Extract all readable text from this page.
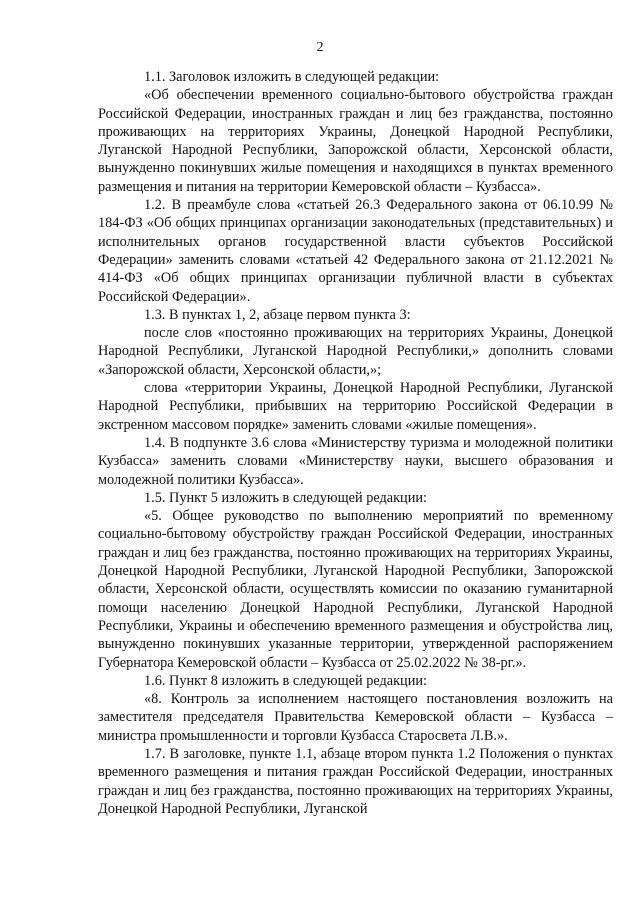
2

1.1. Заголовок изложить в следующей редакции:

«Об обеспечении временного социально-бытового обустройства граждан Российской Федерации, иностранных граждан и лиц без гражданства, постоянно проживающих на территориях Украины, Донецкой Народной Республики, Луганской Народной Республики, Запорожской области, Херсонской области, вынужденно покинувших жилые помещения и находящихся в пунктах временного размещения и питания на территории Кемеровской области – Кузбасса».

1.2. В преамбуле слова «статьей 26.3 Федерального закона от 06.10.99 № 184-ФЗ «Об общих принципах организации законодательных (представительных) и исполнительных органов государственной власти субъектов Российской Федерации» заменить словами «статьей 42 Федерального закона от 21.12.2021 № 414-ФЗ «Об общих принципах организации публичной власти в субъектах Российской Федерации».

1.3. В пунктах 1, 2, абзаце первом пункта 3:

после слов «постоянно проживающих на территориях Украины, Донецкой Народной Республики, Луганской Народной Республики,» дополнить словами «Запорожской области, Херсонской области,»;

слова «территории Украины, Донецкой Народной Республики, Луганской Народной Республики, прибывших на территорию Российской Федерации в экстренном массовом порядке» заменить словами «жилые помещения».

1.4. В подпункте 3.6 слова «Министерству туризма и молодежной политики Кузбасса» заменить словами «Министерству науки, высшего образования и молодежной политики Кузбасса».

1.5. Пункт 5 изложить в следующей редакции:

«5. Общее руководство по выполнению мероприятий по временному социально-бытовому обустройству граждан Российской Федерации, иностранных граждан и лиц без гражданства, постоянно проживающих на территориях Украины, Донецкой Народной Республики, Луганской Народной Республики, Запорожской области, Херсонской области, осуществлять комиссии по оказанию гуманитарной помощи населению Донецкой Народной Республики, Луганской Народной Республики, Украины и обеспечению временного размещения и обустройства лиц, вынужденно покинувших указанные территории, утвержденной распоряжением Губернатора Кемеровской области – Кузбасса от 25.02.2022 № 38-рг.».

1.6. Пункт 8 изложить в следующей редакции:

«8. Контроль за исполнением настоящего постановления возложить на заместителя председателя Правительства Кемеровской области – Кузбасса – министра промышленности и торговли Кузбасса Старосвета Л.В.».

1.7. В заголовке, пункте 1.1, абзаце втором пункта 1.2 Положения о пунктах временного размещения и питания граждан Российской Федерации, иностранных граждан и лиц без гражданства, постоянно проживающих на территориях Украины, Донецкой Народной Республики, Луганской
